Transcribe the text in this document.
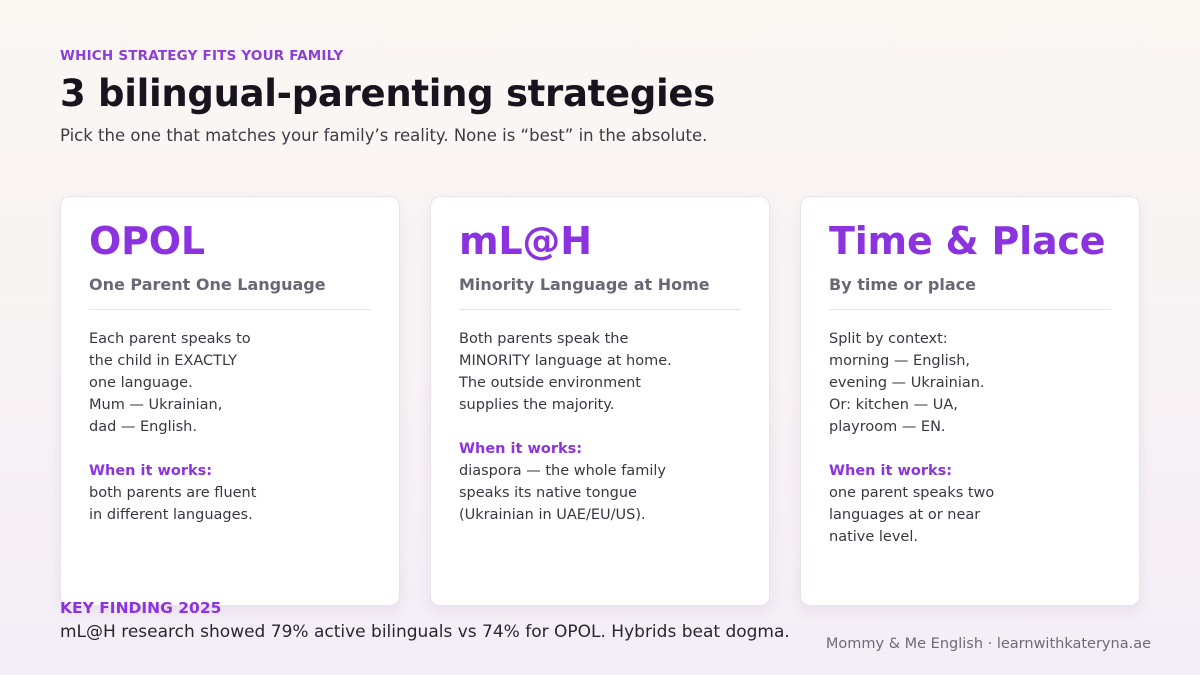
WHICH STRATEGY FITS YOUR FAMILY
3 bilingual-parenting strategies
Pick the one that matches your family’s reality. None is “best” in the absolute.
OPOL
One Parent One Language
Each parent speaks to
the child in EXACTLY
one language.
Mum — Ukrainian,
dad — English.
When it works:
both parents are fluent
in different languages.
mL@H
Minority Language at Home
Both parents speak the
MINORITY language at home.
The outside environment
supplies the majority.
When it works:
diaspora — the whole family
speaks its native tongue
(Ukrainian in UAE/EU/US).
Time & Place
By time or place
Split by context:
morning — English,
evening — Ukrainian.
Or: kitchen — UA,
playroom — EN.
When it works:
one parent speaks two
languages at or near
native level.
KEY FINDING 2025
mL@H research showed 79% active bilinguals vs 74% for OPOL. Hybrids beat dogma.
Mommy & Me English · learnwithkateryna.ae
